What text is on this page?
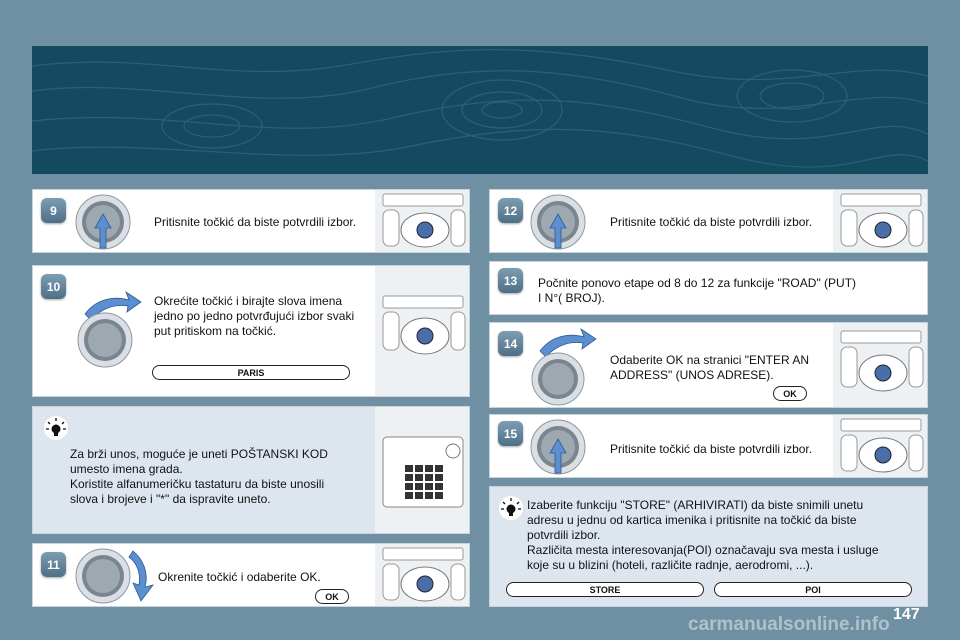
9
Pritisnite točkić da biste potvrdili izbor.
10
Okrećite točkić i birajte slova imena
jedno po jedno potvrđujući izbor svaki
put pritiskom na točkić.
PARIS
Za brži unos, moguće je uneti POŠTANSKI KOD
umesto imena grada.
Koristite alfanumeričku tastaturu da biste unosili
slova i brojeve i "*" da ispravite uneto.
11
Okrenite točkić i odaberite OK.
OK
12
Pritisnite točkić da biste potvrdili izbor.
13	Počnite ponovo etape od 8 do 12 za funkcije "ROAD" (PUT)
I N°( BROJ).
14
Odaberite OK na stranici "ENTER AN
ADDRESS" (UNOS ADRESE).
OK
15
Pritisnite točkić da biste potvrdili izbor.
Izaberite funkciju "STORE" (ARHIVIRATI) da biste snimili unetu
adresu u jednu od kartica imenika i pritisnite na točkić da biste
potvrdili izbor.
Različita mesta interesovanja(POI) označavaju sva mesta i usluge
koje su u blizini (hoteli, različite radnje, aerodromi, ...).
STORE	POI
147
carmanualsonline.info
